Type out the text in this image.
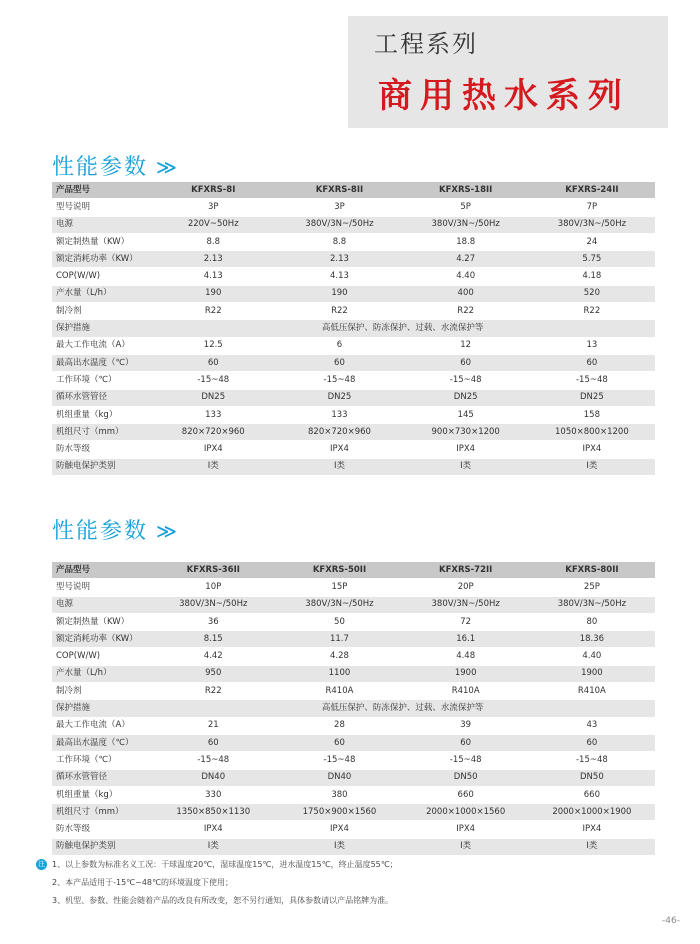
工程系列
商用热水系列
性能参数 ≫
产品型号	KFXRS-8I	KFXRS-8II	KFXRS-18II	KFXRS-24II
型号说明	3P	3P	5P	7P
电源	220V~50Hz	380V/3N~/50Hz	380V/3N~/50Hz	380V/3N~/50Hz
额定制热量（KW）	8.8	8.8	18.8	24
额定消耗功率（KW）	2.13	2.13	4.27	5.75
COP(W/W)	4.13	4.13	4.40	4.18
产水量（L/h）	190	190	400	520
制冷剂	R22	R22	R22	R22
保护措施	高低压保护、防冻保护、过载、水流保护等			
最大工作电流（A）	12.5	6	12	13
最高出水温度（℃）	60	60	60	60
工作环境（℃）	-15~48	-15~48	-15~48	-15~48
循环水管管径	DN25	DN25	DN25	DN25
机组重量（kg）	133	133	145	158
机组尺寸（mm）	820×720×960	820×720×960	900×730×1200	1050×800×1200
防水等级	IPX4	IPX4	IPX4	IPX4
防触电保护类别	I类	I类	I类	I类
性能参数 ≫
产品型号	KFXRS-36II	KFXRS-50II	KFXRS-72II	KFXRS-80II
型号说明	10P	15P	20P	25P
电源	380V/3N~/50Hz	380V/3N~/50Hz	380V/3N~/50Hz	380V/3N~/50Hz
额定制热量（KW）	36	50	72	80
额定消耗功率（KW）	8.15	11.7	16.1	18.36
COP(W/W)	4.42	4.28	4.48	4.40
产水量（L/h）	950	1100	1900	1900
制冷剂	R22	R410A	R410A	R410A
保护措施	高低压保护、防冻保护、过载、水流保护等			
最大工作电流（A）	21	28	39	43
最高出水温度（℃）	60	60	60	60
工作环境（℃）	-15~48	-15~48	-15~48	-15~48
循环水管管径	DN40	DN40	DN50	DN50
机组重量（kg）	330	380	660	660
机组尺寸（mm）	1350×850×1130	1750×900×1560	2000×1000×1560	2000×1000×1900
防水等级	IPX4	IPX4	IPX4	IPX4
防触电保护类别	I类	I类	I类	I类
注 1、以上参数为标准名义工况：干球温度20℃，湿球温度15℃，进水温度15℃，终止温度55℃；
2、本产品适用于-15℃~48℃的环境温度下使用；
3、机型、参数、性能会随着产品的改良有所改变，恕不另行通知，具体参数请以产品铭牌为准。
-46-
